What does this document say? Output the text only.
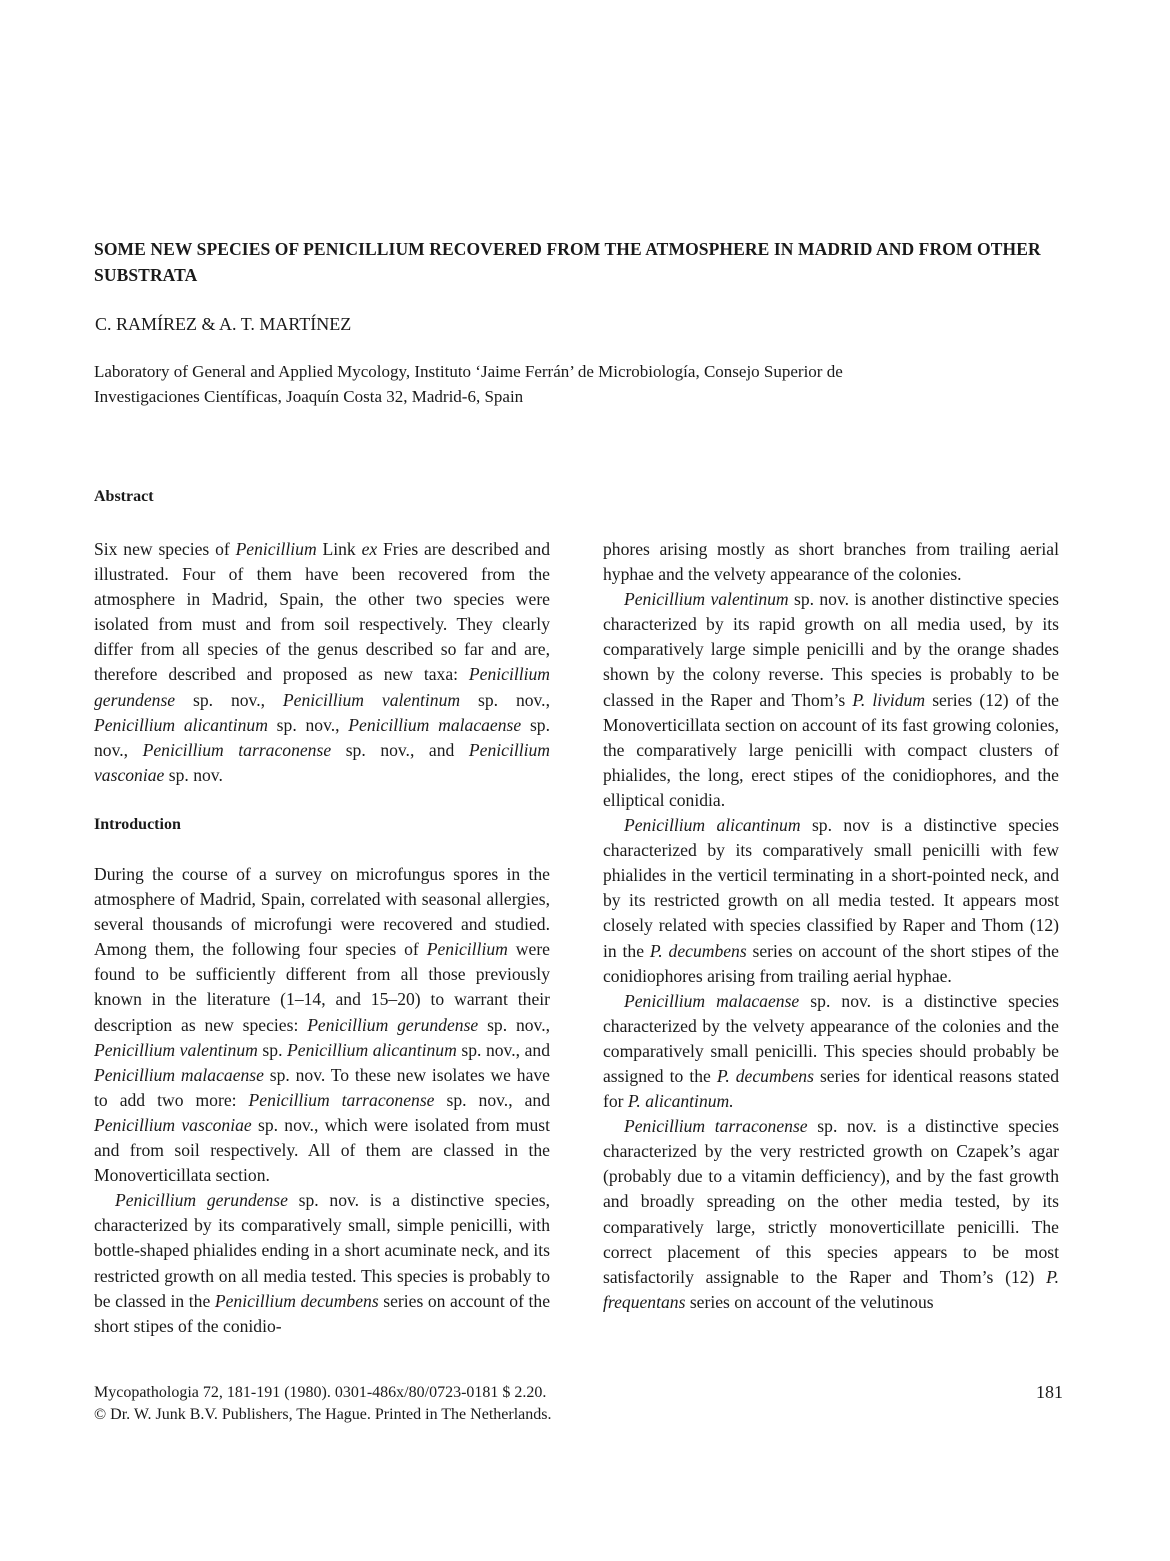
SOME NEW SPECIES OF PENICILLIUM RECOVERED FROM THE ATMOSPHERE IN MADRID AND FROM OTHER SUBSTRATA
C. RAMÍREZ & A. T. MARTÍNEZ
Laboratory of General and Applied Mycology, Instituto ‘Jaime Ferrán’ de Microbiología, Consejo Superior de
Investigaciones Científicas, Joaquín Costa 32, Madrid-6, Spain
Abstract

Six new species of Penicillium Link ex Fries are described and illustrated. Four of them have been recovered from the atmosphere in Madrid, Spain, the other two species were isolated from must and from soil respectively. They clearly differ from all species of the genus described so far and are, therefore described and proposed as new taxa: Penicillium gerundense sp. nov., Penicillium valentinum sp. nov., Penicillium alicantinum sp. nov., Penicillium malacaense sp. nov., Penicillium tarraconense sp. nov., and Penicillium vasconiae sp. nov.

Introduction

During the course of a survey on microfungus spores in the atmosphere of Madrid, Spain, correlated with seasonal allergies, several thousands of microfungi were recovered and studied. Among them, the following four species of Penicillium were found to be sufficiently different from all those previously known in the literature (1–14, and 15–20) to warrant their description as new species: Penicillium gerundense sp. nov., Penicillium valentinum sp. Penicillium alicantinum sp. nov., and Penicillium malacaense sp. nov. To these new isolates we have to add two more: Penicillium tarraconense sp. nov., and Penicillium vasconiae sp. nov., which were isolated from must and from soil respectively. All of them are classed in the Monoverticillata section.

Penicillium gerundense sp. nov. is a distinctive species, characterized by its comparatively small, simple penicilli, with bottle-shaped phialides ending in a short acuminate neck, and its restricted growth on all media tested. This species is probably to be classed in the Penicillium decumbens series on account of the short stipes of the conidio-

phores arising mostly as short branches from trailing aerial hyphae and the velvety appearance of the colonies.

Penicillium valentinum sp. nov. is another distinctive species characterized by its rapid growth on all media used, by its comparatively large simple penicilli and by the orange shades shown by the colony reverse. This species is probably to be classed in the Raper and Thom’s P. lividum series (12) of the Monoverticillata section on account of its fast growing colonies, the comparatively large penicilli with compact clusters of phialides, the long, erect stipes of the conidiophores, and the elliptical conidia.

Penicillium alicantinum sp. nov is a distinctive species characterized by its comparatively small penicilli with few phialides in the verticil terminating in a short-pointed neck, and by its restricted growth on all media tested. It appears most closely related with species classified by Raper and Thom (12) in the P. decumbens series on account of the short stipes of the conidiophores arising from trailing aerial hyphae.

Penicillium malacaense sp. nov. is a distinctive species characterized by the velvety appearance of the colonies and the comparatively small penicilli. This species should probably be assigned to the P. decumbens series for identical reasons stated for P. alicantinum.

Penicillium tarraconense sp. nov. is a distinctive species characterized by the very restricted growth on Czapek’s agar (probably due to a vitamin defficiency), and by the fast growth and broadly spreading on the other media tested, by its comparatively large, strictly monoverticillate penicilli. The correct placement of this species appears to be most satisfactorily assignable to the Raper and Thom’s (12) P. frequentans series on account of the velutinous

Mycopathologia 72, 181-191 (1980). 0301-486x/80/0723-0181 $ 2.20.
© Dr. W. Junk B.V. Publishers, The Hague. Printed in The Netherlands.
181
